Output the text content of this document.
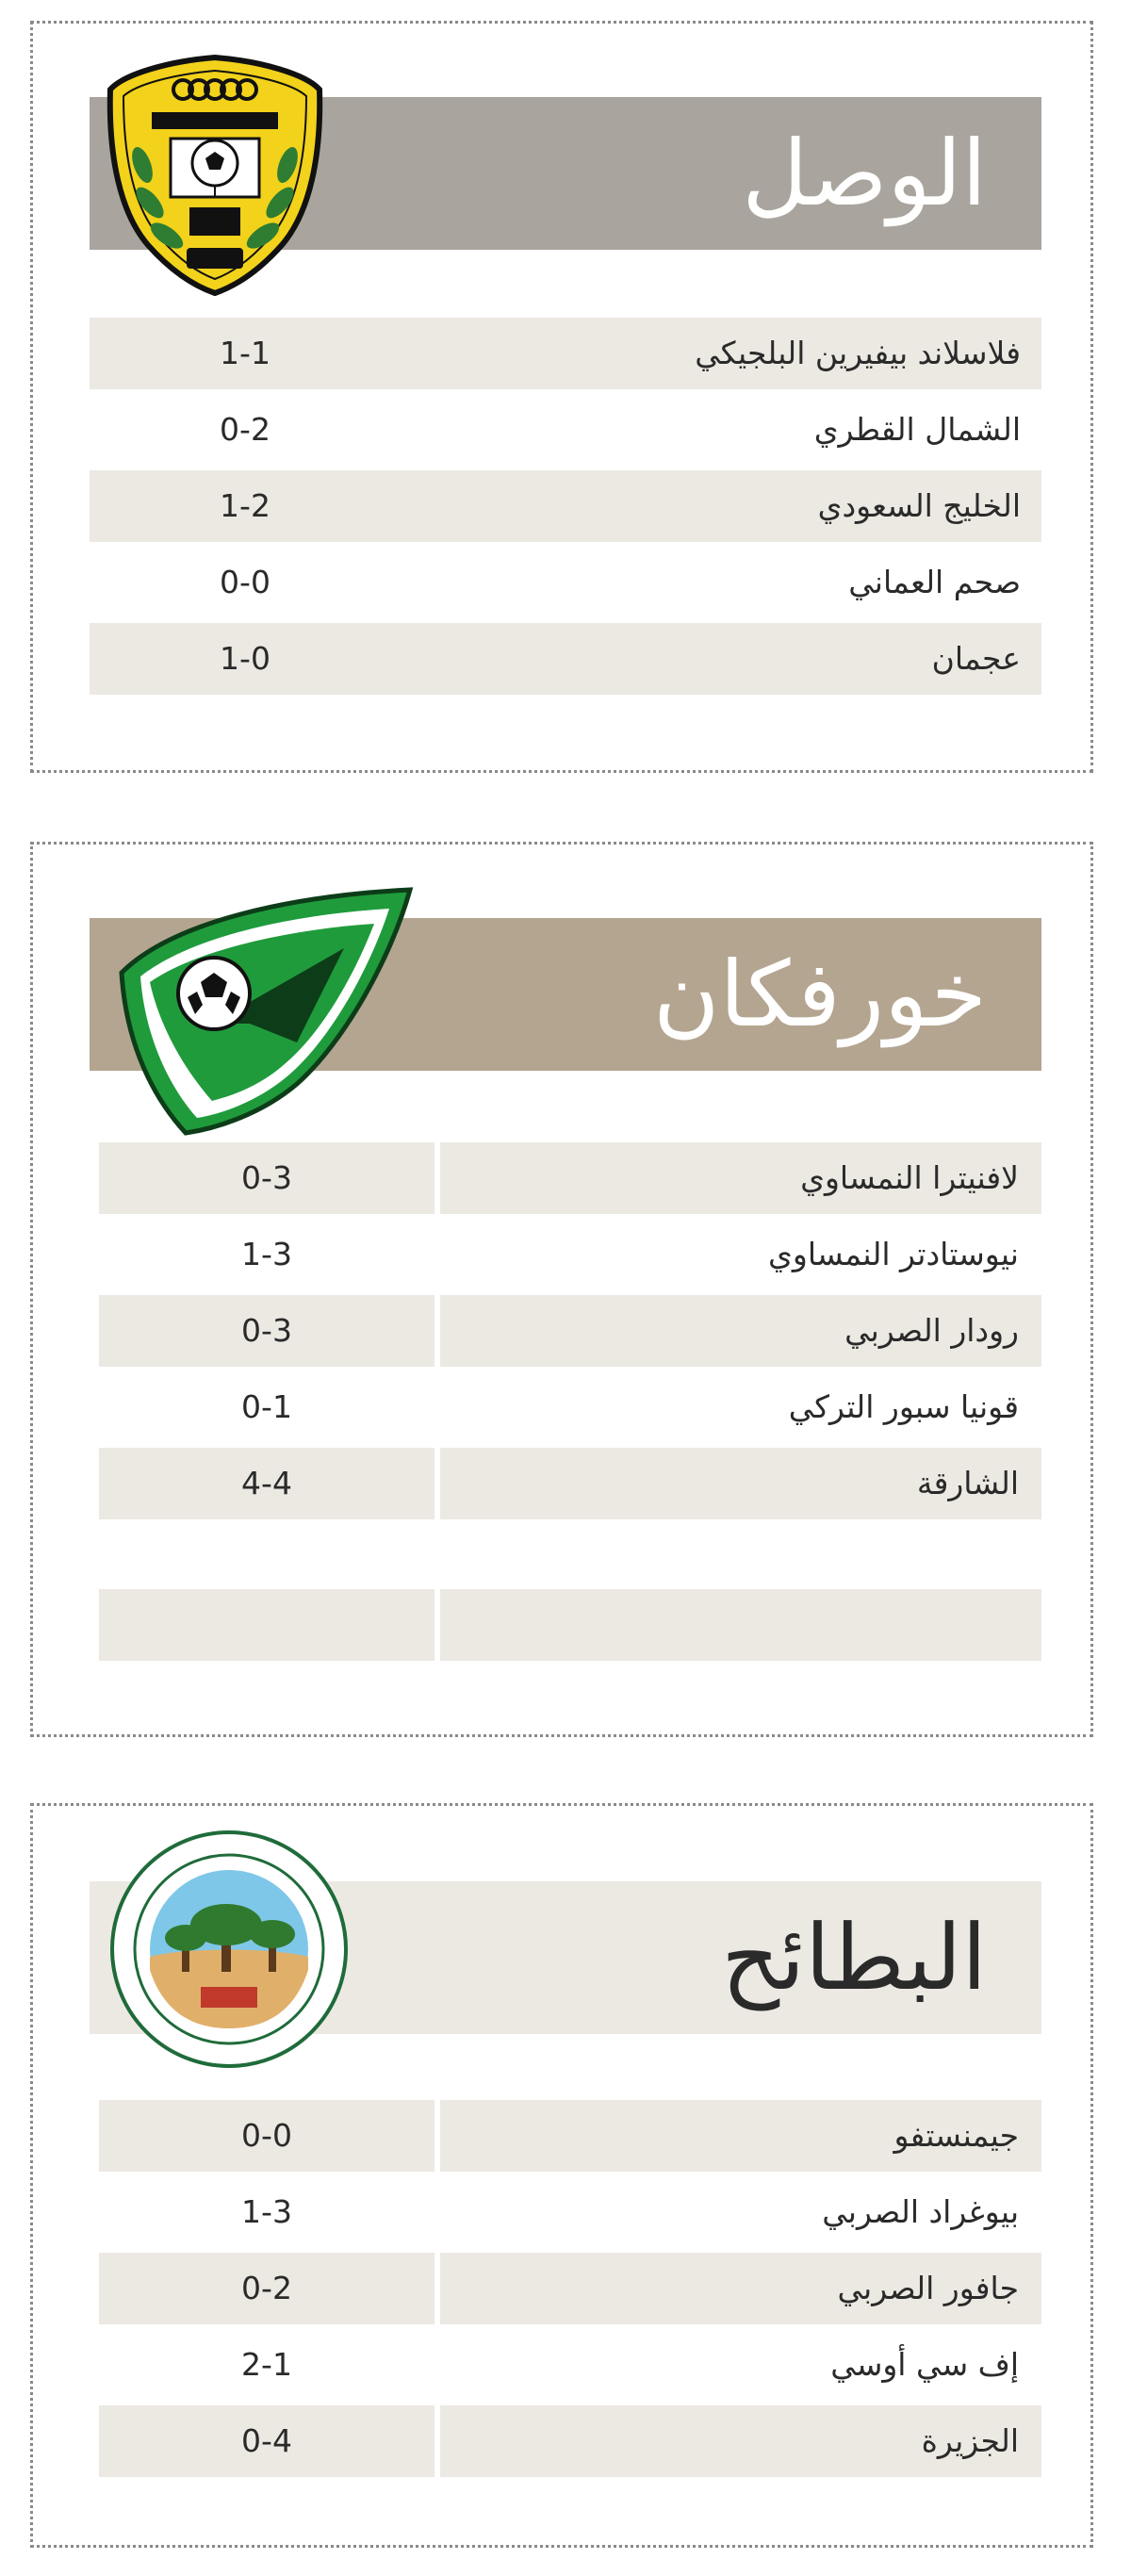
الوصل
فلاسلاند بيفيرين البلجيكي
1-1
الشمال القطري
0-2
الخليج السعودي
1-2
صحم العماني
0-0
عجمان
1-0
خورفكان
لافنيترا النمساوي
0-3
نيوستادتر النمساوي
1-3
رودار الصربي
0-3
قونيا سبور التركي
0-1
الشارقة
4-4
البطائح
جيمنستفو
0-0
بيوغراد الصربي
1-3
جافور الصربي
0-2
إف سي أوسي
2-1
الجزيرة
0-4
